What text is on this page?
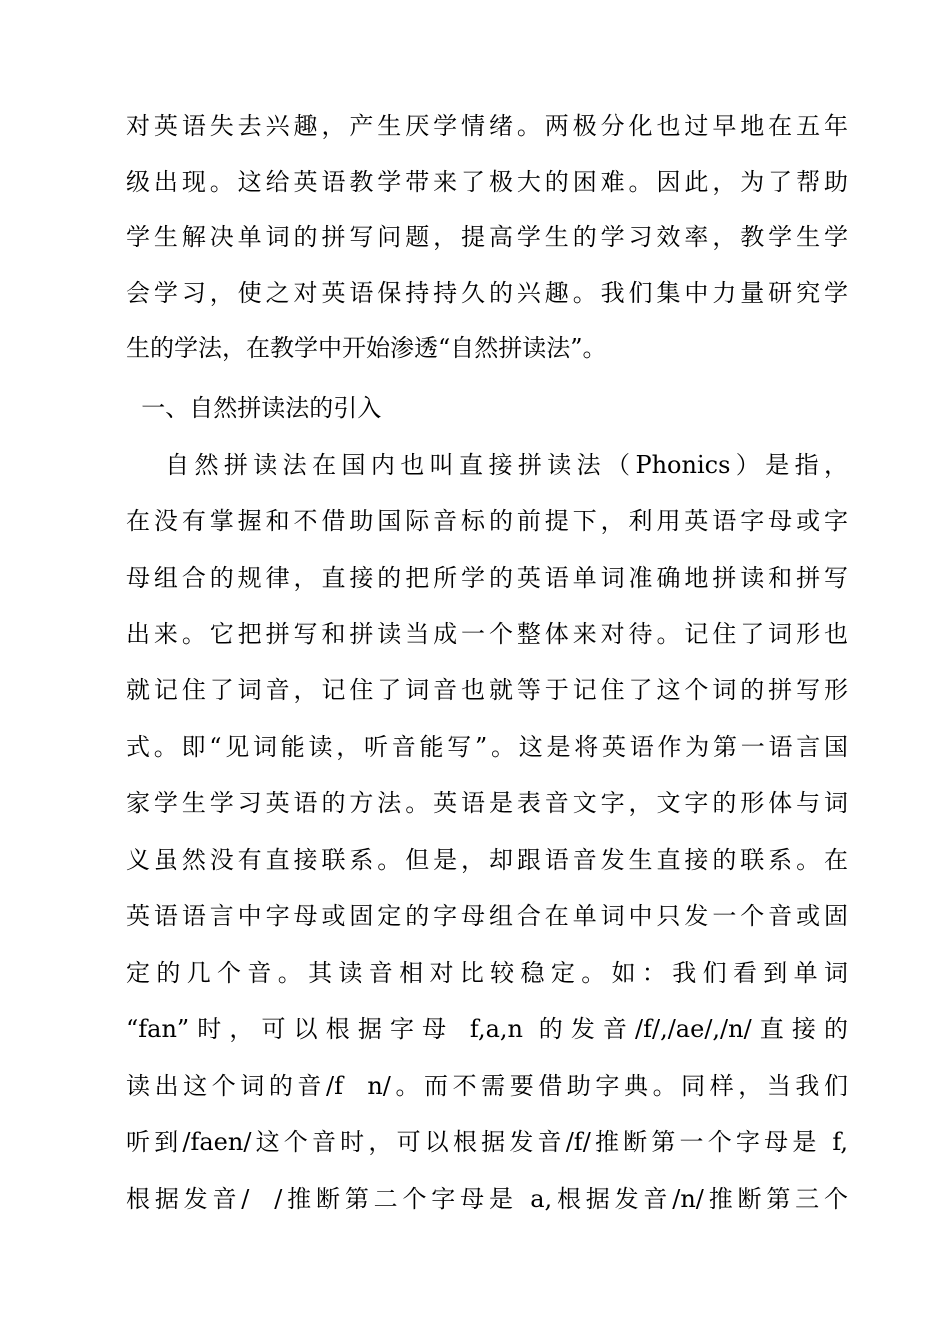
对英语失去兴趣，产生厌学情绪。两极分化也过早地在五年
级出现。这给英语教学带来了极大的困难。因此，为了帮助
学生解决单词的拼写问题，提高学生的学习效率，教学生学
会学习，使之对英语保持持久的兴趣。我们集中力量研究学
生的学法，在教学中开始渗透“自然拼读法”。
一、自然拼读法的引入
自然拼读法在国内也叫直接拼读法（Phonics）是指，
在没有掌握和不借助国际音标的前提下，利用英语字母或字
母组合的规律，直接的把所学的英语单词准确地拼读和拼写
出来。它把拼写和拼读当成一个整体来对待。记住了词形也
就记住了词音，记住了词音也就等于记住了这个词的拼写形
式。即“见词能读，听音能写”。这是将英语作为第一语言国
家学生学习英语的方法。英语是表音文字，文字的形体与词
义虽然没有直接联系。但是，却跟语音发生直接的联系。在
英语语言中字母或固定的字母组合在单词中只发一个音或固
定的几个音。其读音相对比较稳定。如：我们看到单词
“fan”时，可以根据字母 f,a,n 的发音/f/,/ae/,/n/直接的
读出这个词的音/f  n/。而不需要借助字典。同样，当我们
听到/faen/这个音时，可以根据发音/f/推断第一个字母是 f,
根据发音/  /推断第二个字母是 a,根据发音/n/推断第三个
